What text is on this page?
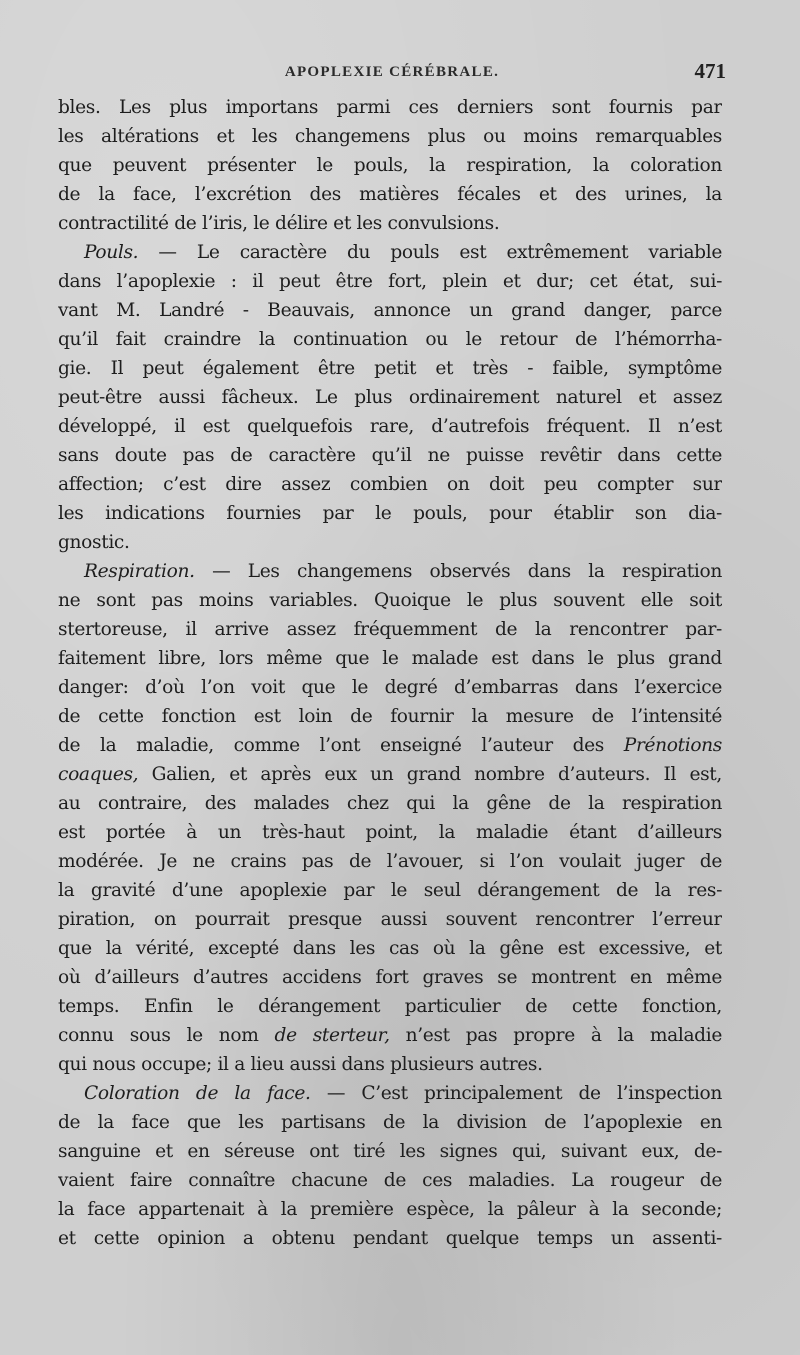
APOPLEXIE CÉRÉBRALE.	471
bles. Les plus importans parmi ces derniers sont fournis par
les altérations et les changemens plus ou moins remarquables
que peuvent présenter le pouls, la respiration, la coloration
de la face, l’excrétion des matières fécales et des urines, la
contractilité de l’iris, le délire et les convulsions.
Pouls. — Le caractère du pouls est extrêmement variable
dans l’apoplexie : il peut être fort, plein et dur; cet état, sui-
vant M. Landré - Beauvais, annonce un grand danger, parce
qu’il fait craindre la continuation ou le retour de l’hémorrha-
gie. Il peut également être petit et très - faible, symptôme
peut-être aussi fâcheux. Le plus ordinairement naturel et assez
développé, il est quelquefois rare, d’autrefois fréquent. Il n’est
sans doute pas de caractère qu’il ne puisse revêtir dans cette
affection; c’est dire assez combien on doit peu compter sur
les indications fournies par le pouls, pour établir son dia-
gnostic.
Respiration. — Les changemens observés dans la respiration
ne sont pas moins variables. Quoique le plus souvent elle soit
stertoreuse, il arrive assez fréquemment de la rencontrer par-
faitement libre, lors même que le malade est dans le plus grand
danger: d’où l’on voit que le degré d’embarras dans l’exercice
de cette fonction est loin de fournir la mesure de l’intensité
de la maladie, comme l’ont enseigné l’auteur des Prénotions
coaques, Galien, et après eux un grand nombre d’auteurs. Il est,
au contraire, des malades chez qui la gêne de la respiration
est portée à un très-haut point, la maladie étant d’ailleurs
modérée. Je ne crains pas de l’avouer, si l’on voulait juger de
la gravité d’une apoplexie par le seul dérangement de la res-
piration, on pourrait presque aussi souvent rencontrer l’erreur
que la vérité, excepté dans les cas où la gêne est excessive, et
où d’ailleurs d’autres accidens fort graves se montrent en même
temps. Enfin le dérangement particulier de cette fonction,
connu sous le nom de sterteur, n’est pas propre à la maladie
qui nous occupe; il a lieu aussi dans plusieurs autres.
Coloration de la face. — C’est principalement de l’inspection
de la face que les partisans de la division de l’apoplexie en
sanguine et en séreuse ont tiré les signes qui, suivant eux, de-
vaient faire connaître chacune de ces maladies. La rougeur de
la face appartenait à la première espèce, la pâleur à la seconde;
et cette opinion a obtenu pendant quelque temps un assenti-
